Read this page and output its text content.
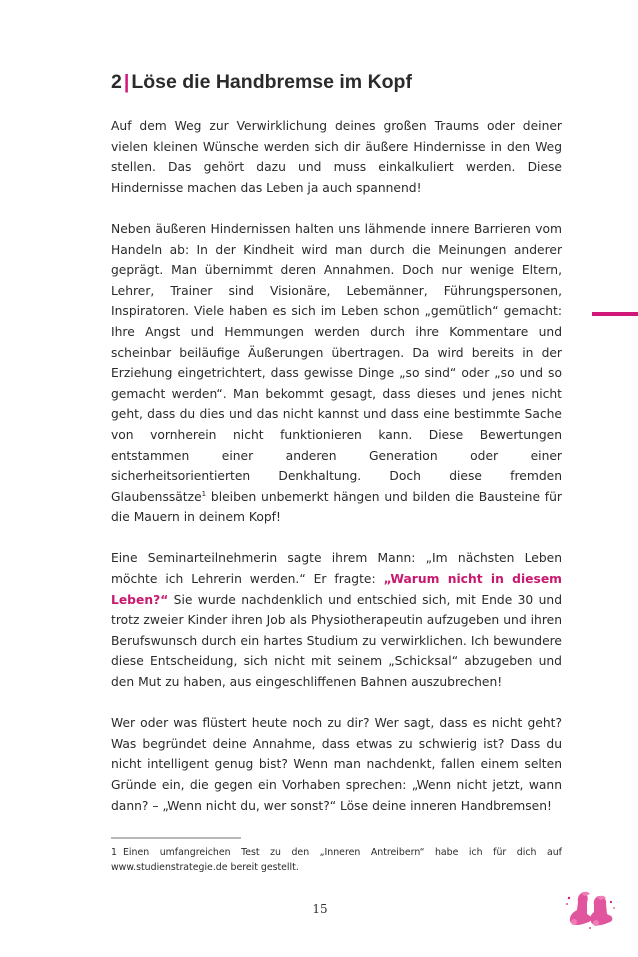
2 | Löse die Handbremse im Kopf

Auf dem Weg zur Verwirklichung deines großen Traums oder deiner vielen kleinen Wünsche werden sich dir äußere Hindernisse in den Weg stellen. Das gehört dazu und muss einkalkuliert werden. Diese Hindernisse machen das Leben ja auch spannend!

Neben äußeren Hindernissen halten uns lähmende innere Barrieren vom Handeln ab: In der Kindheit wird man durch die Meinungen anderer geprägt. Man übernimmt deren Annahmen. Doch nur wenige Eltern, Lehrer, Trainer sind Visionäre, Lebemänner, Führungspersonen, Inspiratoren. Viele haben es sich im Leben schon „gemütlich“ gemacht: Ihre Angst und Hemmungen werden durch ihre Kommentare und scheinbar beiläufige Äußerungen übertragen. Da wird bereits in der Erziehung eingetrichtert, dass gewisse Dinge „so sind“ oder „so und so gemacht werden“. Man bekommt gesagt, dass dieses und jenes nicht geht, dass du dies und das nicht kannst und dass eine bestimmte Sache von vornherein nicht funktionieren kann. Diese Bewertungen entstammen einer anderen Generation oder einer sicherheitsorientierten Denkhaltung. Doch diese fremden Glaubenssätze$^1$ bleiben unbemerkt hängen und bilden die Bausteine für die Mauern in deinem Kopf!

Eine Seminarteilnehmerin sagte ihrem Mann: „Im nächsten Leben möchte ich Lehrerin werden.“ Er fragte: „Warum nicht in diesem Leben?“ Sie wurde nachdenklich und entschied sich, mit Ende 30 und trotz zweier Kinder ihren Job als Physiotherapeutin aufzugeben und ihren Berufswunsch durch ein hartes Studium zu verwirklichen. Ich bewundere diese Entscheidung, sich nicht mit seinem „Schicksal“ abzugeben und den Mut zu haben, aus eingeschliffenen Bahnen auszubrechen!

Wer oder was flüstert heute noch zu dir? Wer sagt, dass es nicht geht? Was begründet deine Annahme, dass etwas zu schwierig ist? Dass du nicht intelligent genug bist? Wenn man nachdenkt, fallen einem selten Gründe ein, die gegen ein Vorhaben sprechen: „Wenn nicht jetzt, wann dann? – „Wenn nicht du, wer sonst?“ Löse deine inneren Handbremsen!

1 Einen umfangreichen Test zu den „Inneren Antreibern“ habe ich für dich auf www.studienstrategie.de bereit gestellt.
15
